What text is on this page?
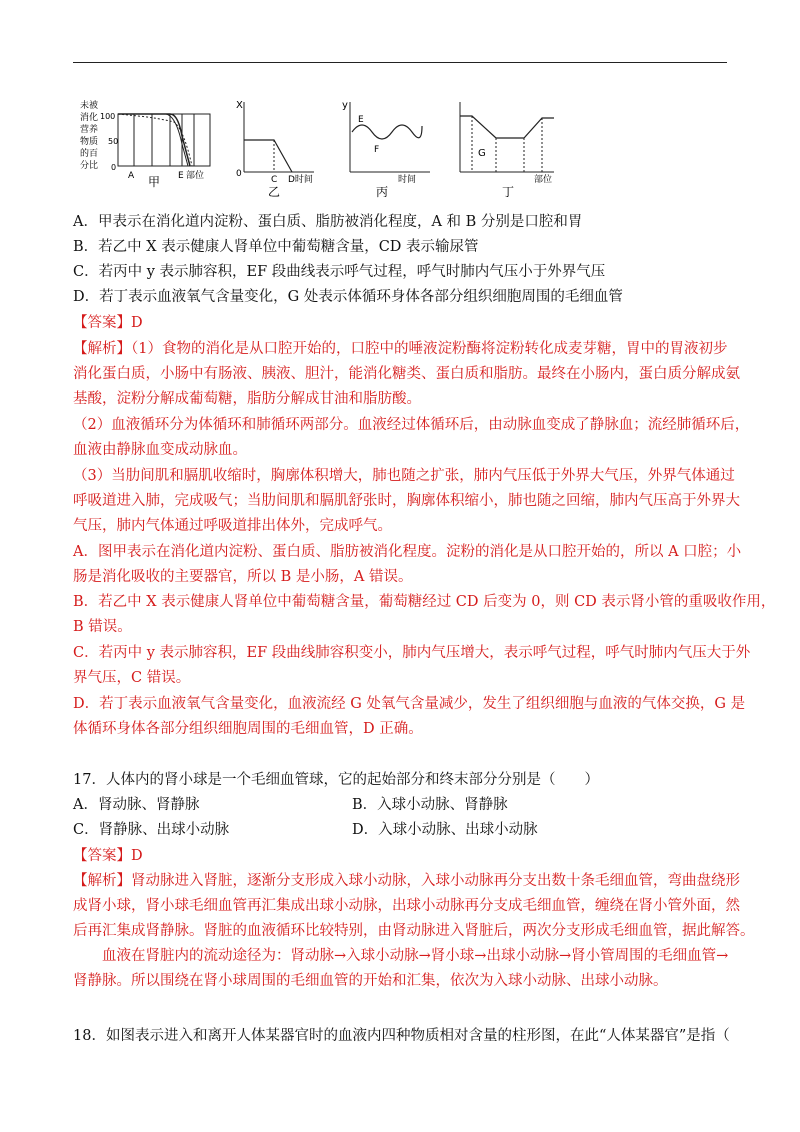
未被
消化
营养
物质
的百
分比
100
50
0
A 甲 E 部位
X
0
C D时间
乙
y
E
F
时间
丙
G
部位
丁
A．甲表示在消化道内淀粉、蛋白质、脂肪被消化程度，A 和 B 分别是口腔和胃
B．若乙中 X 表示健康人肾单位中葡萄糖含量，CD 表示输尿管
C．若丙中 y 表示肺容积，EF 段曲线表示呼气过程，呼气时肺内气压小于外界气压
D．若丁表示血液氧气含量变化，G 处表示体循环身体各部分组织细胞周围的毛细血管
【答案】D
【解析】（1）食物的消化是从口腔开始的，口腔中的唾液淀粉酶将淀粉转化成麦芽糖，胃中的胃液初步
消化蛋白质，小肠中有肠液、胰液、胆汁，能消化糖类、蛋白质和脂肪。最终在小肠内，蛋白质分解成氨
基酸，淀粉分解成葡萄糖，脂肪分解成甘油和脂肪酸。
（2）血液循环分为体循环和肺循环两部分。血液经过体循环后，由动脉血变成了静脉血；流经肺循环后，
血液由静脉血变成动脉血。
（3）当肋间肌和膈肌收缩时，胸廓体积增大，肺也随之扩张，肺内气压低于外界大气压，外界气体通过
呼吸道进入肺，完成吸气；当肋间肌和膈肌舒张时，胸廓体积缩小，肺也随之回缩，肺内气压高于外界大
气压，肺内气体通过呼吸道排出体外，完成呼气。
A．图甲表示在消化道内淀粉、蛋白质、脂肪被消化程度。淀粉的消化是从口腔开始的，所以 A 口腔；小
肠是消化吸收的主要器官，所以 B 是小肠，A 错误。
B．若乙中 X 表示健康人肾单位中葡萄糖含量，葡萄糖经过 CD 后变为 0，则 CD 表示肾小管的重吸收作用，
B 错误。
C．若丙中 y 表示肺容积，EF 段曲线肺容积变小，肺内气压增大，表示呼气过程，呼气时肺内气压大于外
界气压，C 错误。
D．若丁表示血液氧气含量变化，血液流经 G 处氧气含量减少，发生了组织细胞与血液的气体交换，G 是
体循环身体各部分组织细胞周围的毛细血管，D 正确。
17．人体内的肾小球是一个毛细血管球，它的起始部分和终末部分分别是（　　）
A．肾动脉、肾静脉	B．入球小动脉、肾静脉
C．肾静脉、出球小动脉	D．入球小动脉、出球小动脉
【答案】D
【解析】肾动脉进入肾脏，逐渐分支形成入球小动脉，入球小动脉再分支出数十条毛细血管，弯曲盘绕形
成肾小球，肾小球毛细血管再汇集成出球小动脉，出球小动脉再分支成毛细血管，缠绕在肾小管外面，然
后再汇集成肾静脉。肾脏的血液循环比较特别，由肾动脉进入肾脏后，两次分支形成毛细血管，据此解答。
　　血液在肾脏内的流动途径为：肾动脉→入球小动脉→肾小球→出球小动脉→肾小管周围的毛细血管→
肾静脉。所以围绕在肾小球周围的毛细血管的开始和汇集，依次为入球小动脉、出球小动脉。
18．如图表示进入和离开人体某器官时的血液内四种物质相对含量的柱形图，在此“人体某器官”是指（
